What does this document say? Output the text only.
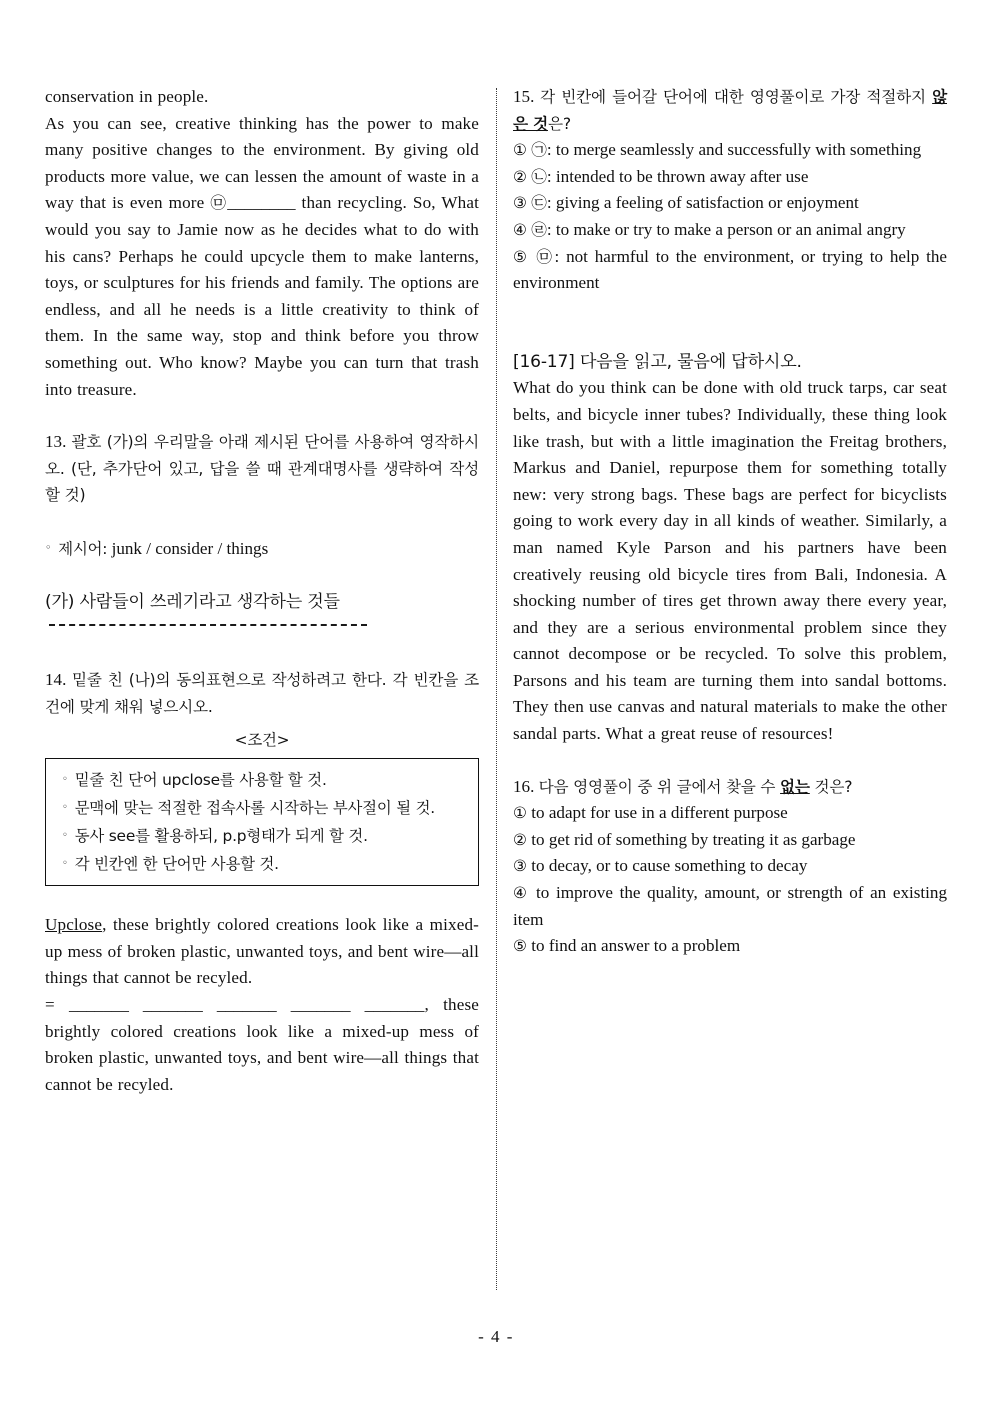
conservation in people.

As you can see, creative thinking has the power to make many positive changes to the environment. By giving old products more value, we can lessen the amount of waste in a way that is even more ㉤________ than recycling. So, What would you say to Jamie now as he decides what to do with his cans? Perhaps he could upcycle them to make lanterns, toys, or sculptures for his friends and family. The options are endless, and all he needs is a little creativity to think of them. In the same way, stop and think before you throw something out. Who know? Maybe you can turn that trash into treasure.

13. 괄호 (가)의 우리말을 아래 제시된 단어를 사용하여 영작하시오. (단, 추가단어 있고, 답을 쓸 때 관계대명사를 생략하여 작성할 것)

◦ 제시어: junk / consider / things

(가) 사람들이 쓰레기라고 생각하는 것들

14. 밑줄 친 (나)의 동의표현으로 작성하려고 한다. 각 빈칸을 조건에 맞게 채워 넣으시오.

<조건>

◦ 밑줄 친 단어 upclose를 사용할 할 것.

◦ 문맥에 맞는 적절한 접속사롤 시작하는 부사절이 될 것.

◦ 동사 see를 활용하되, p.p형태가 되게 할 것.

◦ 각 빈칸엔 한 단어만 사용할 것.

Upclose, these brightly colored creations look like a mixed-up mess of broken plastic, unwanted toys, and bent wire—all things that cannot be recyled.

= _______ _______ _______ _______ _______, these brightly colored creations look like a mixed-up mess of broken plastic, unwanted toys, and bent wire—all things that cannot be recyled.

15. 각 빈칸에 들어갈 단어에 대한 영영풀이로 가장 적절하지 않은 것은?

① ㉠: to merge seamlessly and successfully with something

② ㉡: intended to be thrown away after use

③ ㉢: giving a feeling of satisfaction or enjoyment

④ ㉣: to make or try to make a person or an animal angry

⑤ ㉤: not harmful to the environment, or trying to help the environment

[16-17] 다음을 읽고, 물음에 답하시오.

What do you think can be done with old truck tarps, car seat belts, and bicycle inner tubes? Individually, these thing look like trash, but with a little imagination the Freitag brothers, Markus and Daniel, repurpose them for something totally new: very strong bags. These bags are perfect for bicyclists going to work every day in all kinds of weather. Similarly, a man named Kyle Parson and his partners have been creatively reusing old bicycle tires from Bali, Indonesia. A shocking number of tires get thrown away there every year, and they are a serious environmental problem since they cannot decompose or be recycled. To solve this problem, Parsons and his team are turning them into sandal bottoms. They then use canvas and natural materials to make the other sandal parts. What a great reuse of resources!

16. 다음 영영풀이 중 위 글에서 찾을 수 없는 것은?

① to adapt for use in a different purpose

② to get rid of something by treating it as garbage

③ to decay, or to cause something to decay

④ to improve the quality, amount, or strength of an existing item

⑤ to find an answer to a problem

- 4 -
